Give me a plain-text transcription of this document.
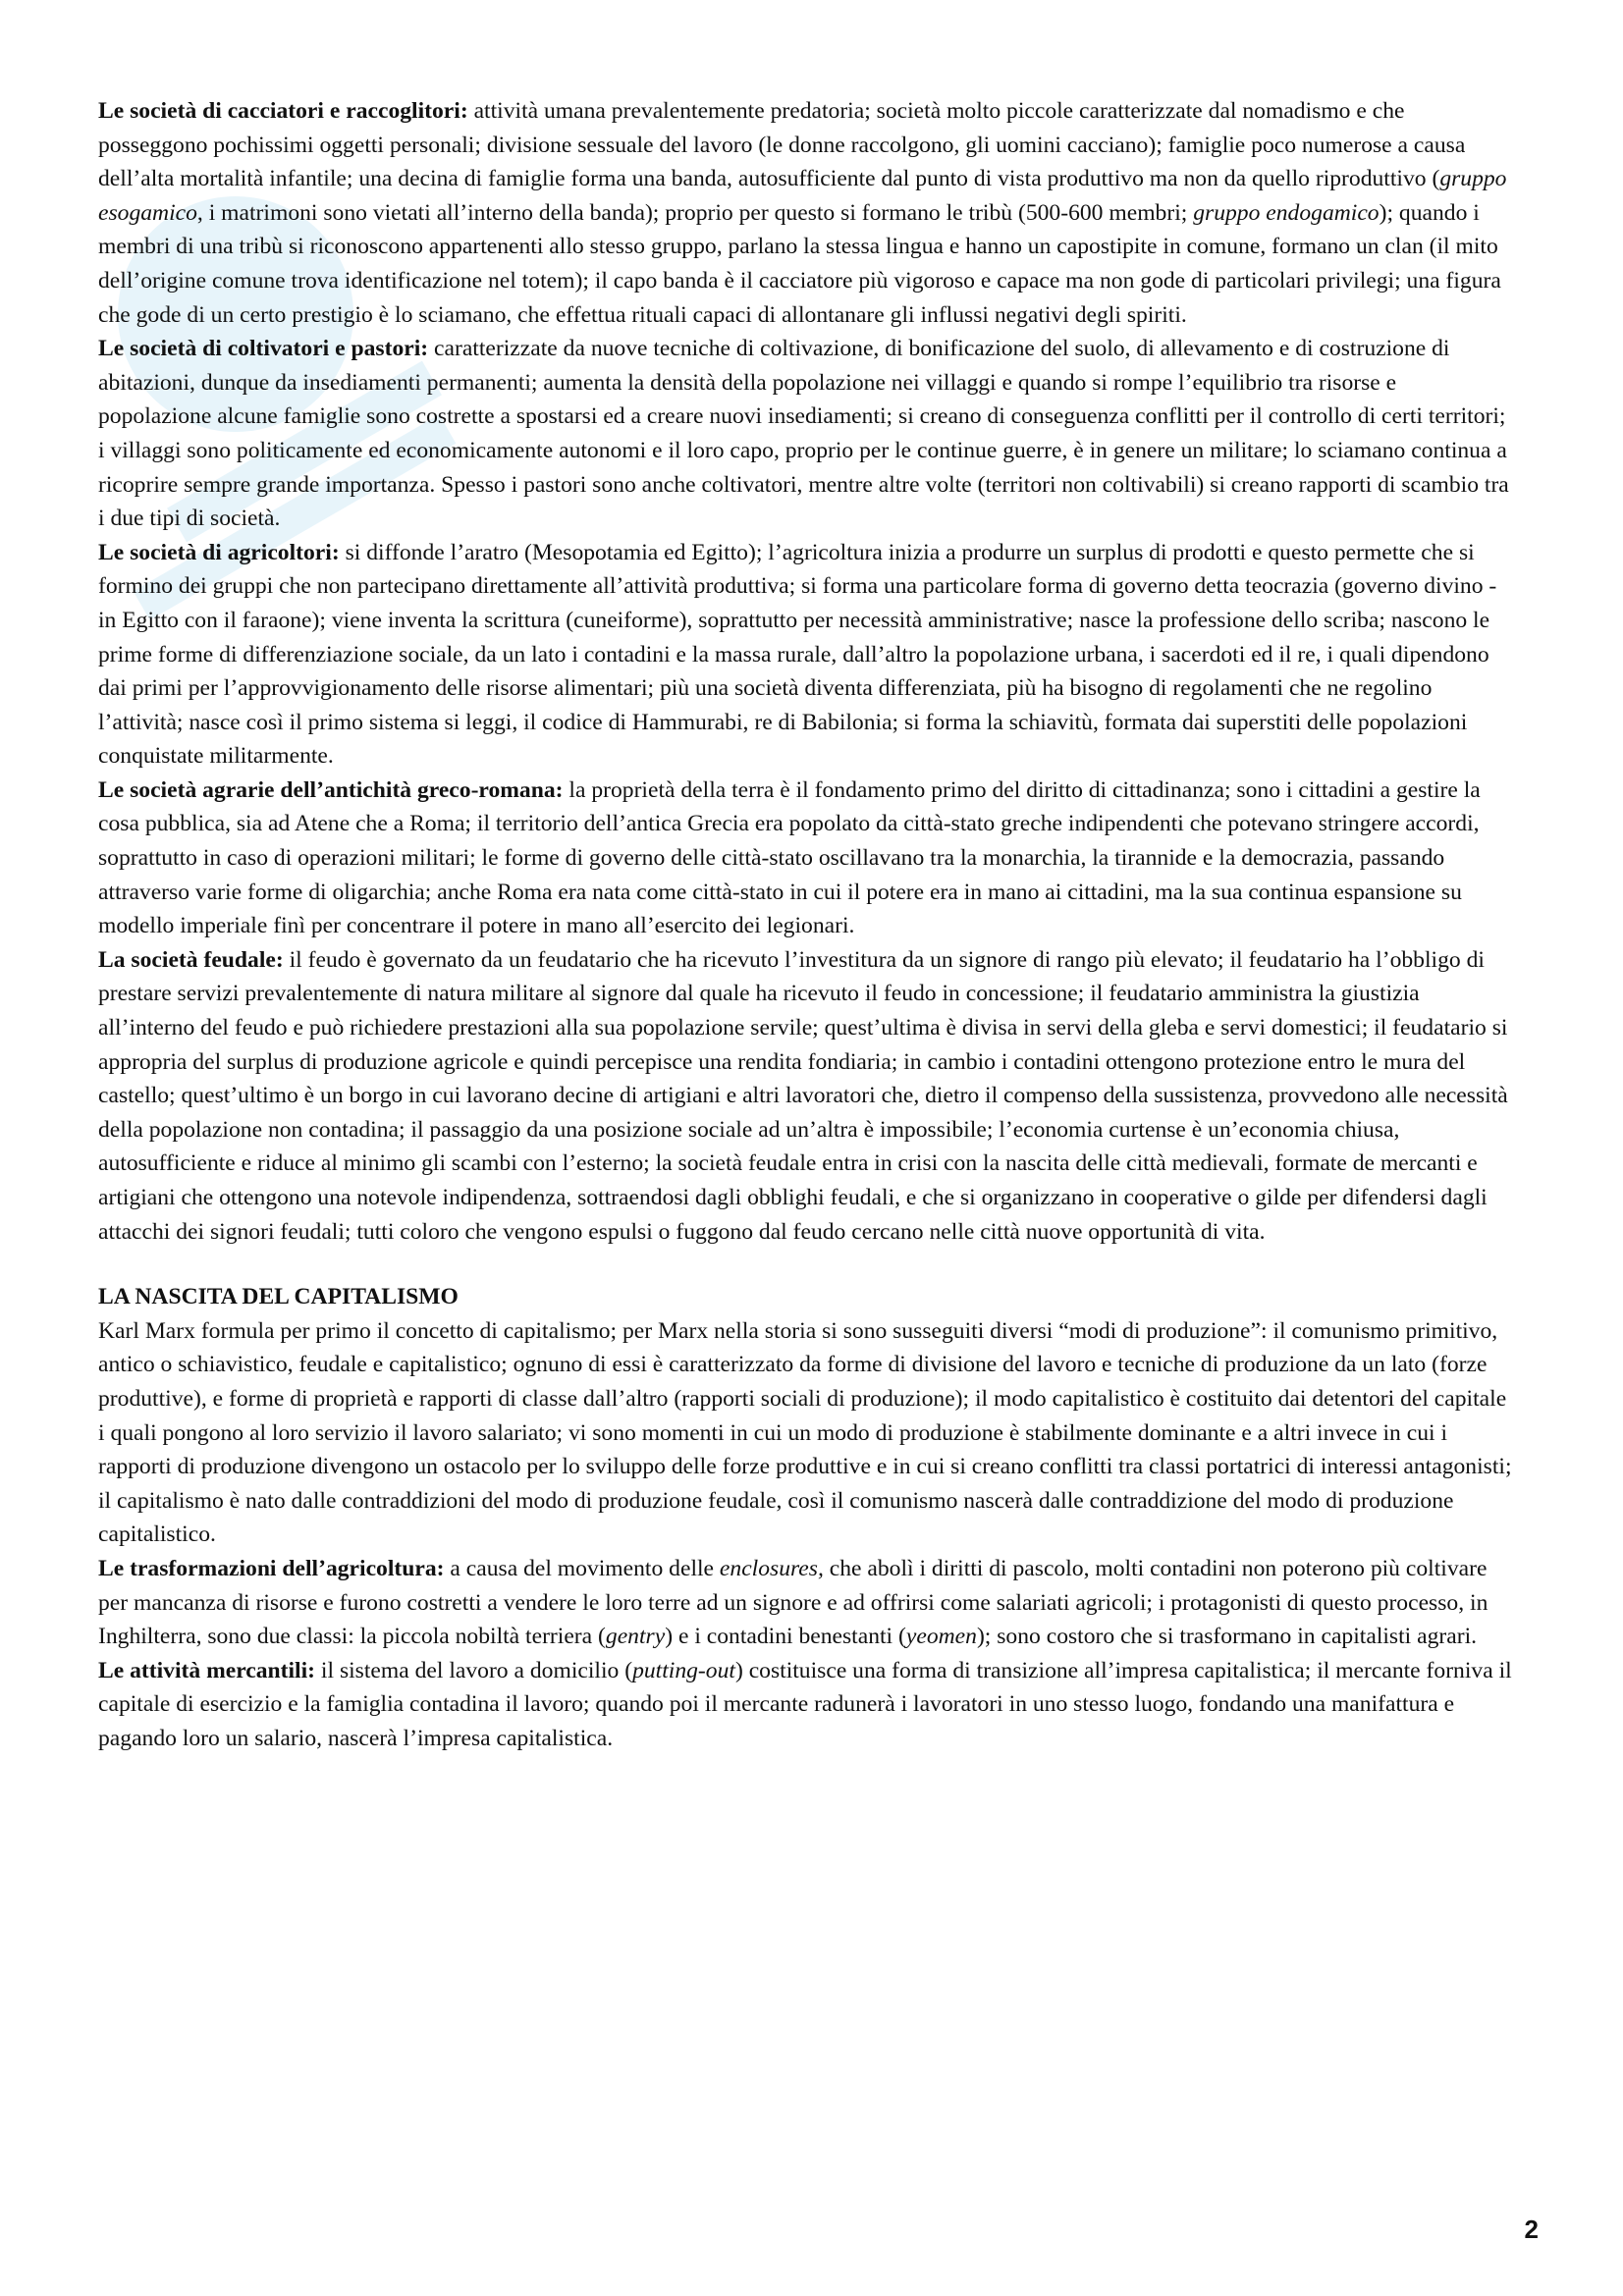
Le società di cacciatori e raccoglitori: attività umana prevalentemente predatoria; società molto piccole caratterizzate dal nomadismo e che posseggono pochissimi oggetti personali; divisione sessuale del lavoro (le donne raccolgono, gli uomini cacciano); famiglie poco numerose a causa dell’alta mortalità infantile; una decina di famiglie forma una banda, autosufficiente dal punto di vista produttivo ma non da quello riproduttivo (gruppo esogamico, i matrimoni sono vietati all’interno della banda); proprio per questo si formano le tribù (500-600 membri; gruppo endogamico); quando i membri di una tribù si riconoscono appartenenti allo stesso gruppo, parlano la stessa lingua e hanno un capostipite in comune, formano un clan (il mito dell’origine comune trova identificazione nel totem); il capo banda è il cacciatore più vigoroso e capace ma non gode di particolari privilegi; una figura che gode di un certo prestigio è lo sciamano, che effettua rituali capaci di allontanare gli influssi negativi degli spiriti.

Le società di coltivatori e pastori: caratterizzate da nuove tecniche di coltivazione, di bonificazione del suolo, di allevamento e di costruzione di abitazioni, dunque da insediamenti permanenti; aumenta la densità della popolazione nei villaggi e quando si rompe l’equilibrio tra risorse e popolazione alcune famiglie sono costrette a spostarsi ed a creare nuovi insediamenti; si creano di conseguenza conflitti per il controllo di certi territori; i villaggi sono politicamente ed economicamente autonomi e il loro capo, proprio per le continue guerre, è in genere un militare; lo sciamano continua a ricoprire sempre grande importanza. Spesso i pastori sono anche coltivatori, mentre altre volte (territori non coltivabili) si creano rapporti di scambio tra i due tipi di società.

Le società di agricoltori: si diffonde l’aratro (Mesopotamia ed Egitto); l’agricoltura inizia a produrre un surplus di prodotti e questo permette che si formino dei gruppi che non partecipano direttamente all’attività produttiva; si forma una particolare forma di governo detta teocrazia (governo divino - in Egitto con il faraone); viene inventa la scrittura (cuneiforme), soprattutto per necessità amministrative; nasce la professione dello scriba; nascono le prime forme di differenziazione sociale, da un lato i contadini e la massa rurale, dall’altro la popolazione urbana, i sacerdoti ed il re, i quali dipendono dai primi per l’approvvigionamento delle risorse alimentari; più una società diventa differenziata, più ha bisogno di regolamenti che ne regolino l’attività; nasce così il primo sistema si leggi, il codice di Hammurabi, re di Babilonia; si forma la schiavitù, formata dai superstiti delle popolazioni conquistate militarmente.

Le società agrarie dell’antichità greco-romana: la proprietà della terra è il fondamento primo del diritto di cittadinanza; sono i cittadini a gestire la cosa pubblica, sia ad Atene che a Roma; il territorio dell’antica Grecia era popolato da città-stato greche indipendenti che potevano stringere accordi, soprattutto in caso di operazioni militari; le forme di governo delle città-stato oscillavano tra la monarchia, la tirannide e la democrazia, passando attraverso varie forme di oligarchia; anche Roma era nata come città-stato in cui il potere era in mano ai cittadini, ma la sua continua espansione su modello imperiale finì per concentrare il potere in mano all’esercito dei legionari.

La società feudale: il feudo è governato da un feudatario che ha ricevuto l’investitura da un signore di rango più elevato; il feudatario ha l’obbligo di prestare servizi prevalentemente di natura militare al signore dal quale ha ricevuto il feudo in concessione; il feudatario amministra la giustizia all’interno del feudo e può richiedere prestazioni alla sua popolazione servile; quest’ultima è divisa in servi della gleba e servi domestici; il feudatario si appropria del surplus di produzione agricole e quindi percepisce una rendita fondiaria; in cambio i contadini ottengono protezione entro le mura del castello; quest’ultimo è un borgo in cui lavorano decine di artigiani e altri lavoratori che, dietro il compenso della sussistenza, provvedono alle necessità della popolazione non contadina; il passaggio da una posizione sociale ad un’altra è impossibile; l’economia curtense è un’economia chiusa, autosufficiente e riduce al minimo gli scambi con l’esterno; la società feudale entra in crisi con la nascita delle città medievali, formate de mercanti e artigiani che ottengono una notevole indipendenza, sottraendosi dagli obblighi feudali, e che si organizzano in cooperative o gilde per difendersi dagli attacchi dei signori feudali; tutti coloro che vengono espulsi o fuggono dal feudo cercano nelle città nuove opportunità di vita.

LA NASCITA DEL CAPITALISMO

Karl Marx formula per primo il concetto di capitalismo; per Marx nella storia si sono susseguiti diversi “modi di produzione”: il comunismo primitivo, antico o schiavistico, feudale e capitalistico; ognuno di essi è caratterizzato da forme di divisione del lavoro e tecniche di produzione da un lato (forze produttive), e forme di proprietà e rapporti di classe dall’altro (rapporti sociali di produzione); il modo capitalistico è costituito dai detentori del capitale i quali pongono al loro servizio il lavoro salariato; vi sono momenti in cui un modo di produzione è stabilmente dominante e a altri invece in cui i rapporti di produzione divengono un ostacolo per lo sviluppo delle forze produttive e in cui si creano conflitti tra classi portatrici di interessi antagonisti; il capitalismo è nato dalle contraddizioni del modo di produzione feudale, così il comunismo nascerà dalle contraddizione del modo di produzione capitalistico.

Le trasformazioni dell’agricoltura: a causa del movimento delle enclosures, che abolì i diritti di pascolo, molti contadini non poterono più coltivare per mancanza di risorse e furono costretti a vendere le loro terre ad un signore e ad offrirsi come salariati agricoli; i protagonisti di questo processo, in Inghilterra, sono due classi: la piccola nobiltà terriera (gentry) e i contadini benestanti (yeomen); sono costoro che si trasformano in capitalisti agrari.

Le attività mercantili: il sistema del lavoro a domicilio (putting-out) costituisce una forma di transizione all’impresa capitalistica; il mercante forniva il capitale di esercizio e la famiglia contadina il lavoro; quando poi il mercante radunerà i lavoratori in uno stesso luogo, fondando una manifattura e pagando loro un salario, nascerà l’impresa capitalistica.

2
